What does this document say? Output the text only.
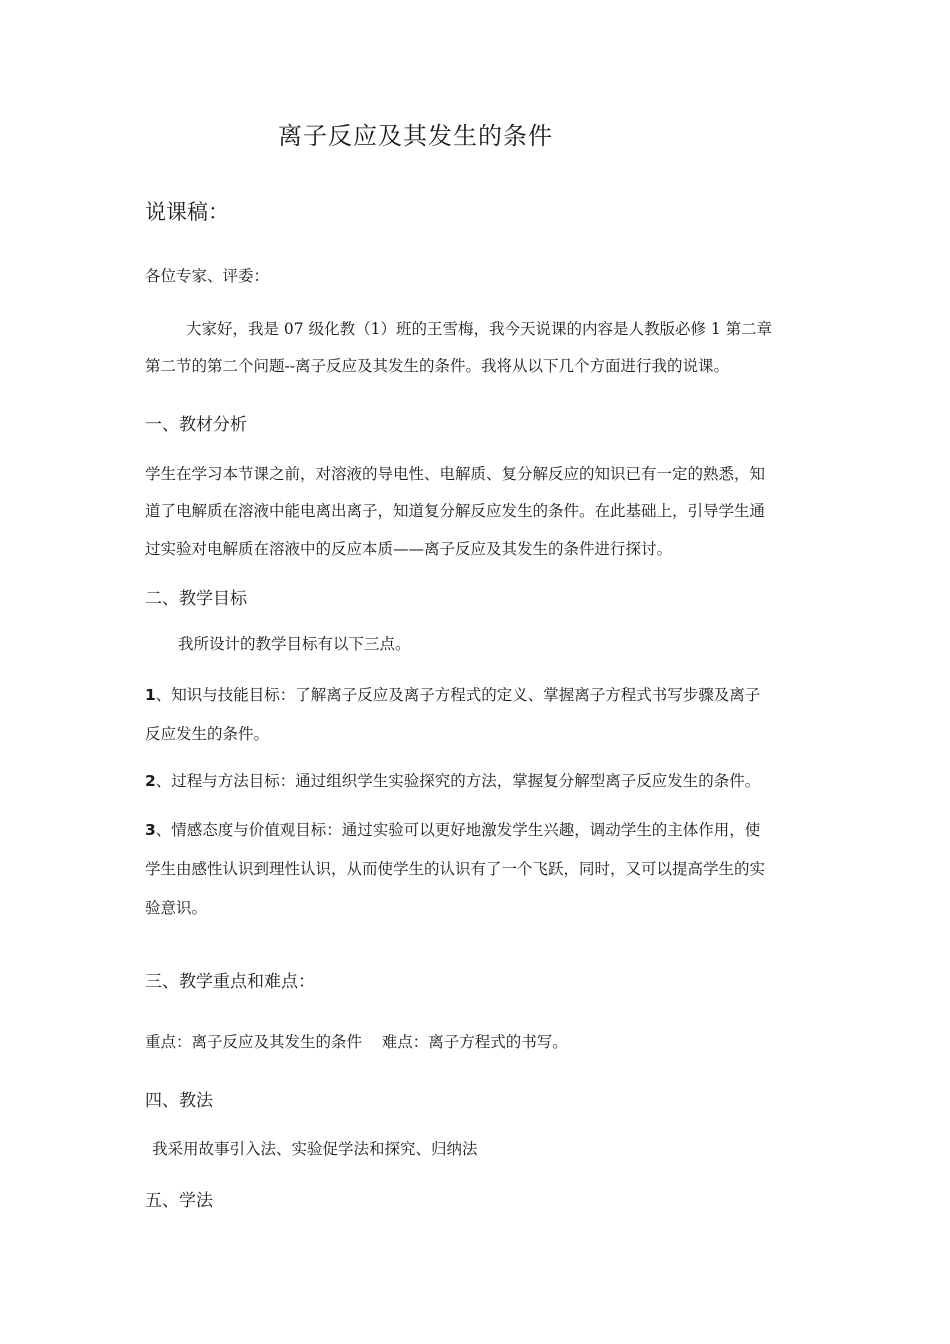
离子反应及其发生的条件
说课稿：
各位专家、评委：
大家好，我是 07 级化教（1）班的王雪梅，我今天说课的内容是人教版必修 1 第二章
第二节的第二个问题--离子反应及其发生的条件。我将从以下几个方面进行我的说课。
一、教材分析
学生在学习本节课之前，对溶液的导电性、电解质、复分解反应的知识已有一定的熟悉，知
道了电解质在溶液中能电离出离子，知道复分解反应发生的条件。在此基础上，引导学生通
过实验对电解质在溶液中的反应本质——离子反应及其发生的条件进行探讨。
二、教学目标
我所设计的教学目标有以下三点。
1、知识与技能目标：了解离子反应及离子方程式的定义、掌握离子方程式书写步骤及离子
反应发生的条件。
2、过程与方法目标：通过组织学生实验探究的方法，掌握复分解型离子反应发生的条件。
3、情感态度与价值观目标：通过实验可以更好地激发学生兴趣，调动学生的主体作用，使
学生由感性认识到理性认识，从而使学生的认识有了一个飞跃，同时，又可以提高学生的实
验意识。
三、教学重点和难点：
重点：离子反应及其发生的条件    难点：离子方程式的书写。
四、教法
我采用故事引入法、实验促学法和探究、归纳法
五、学法
